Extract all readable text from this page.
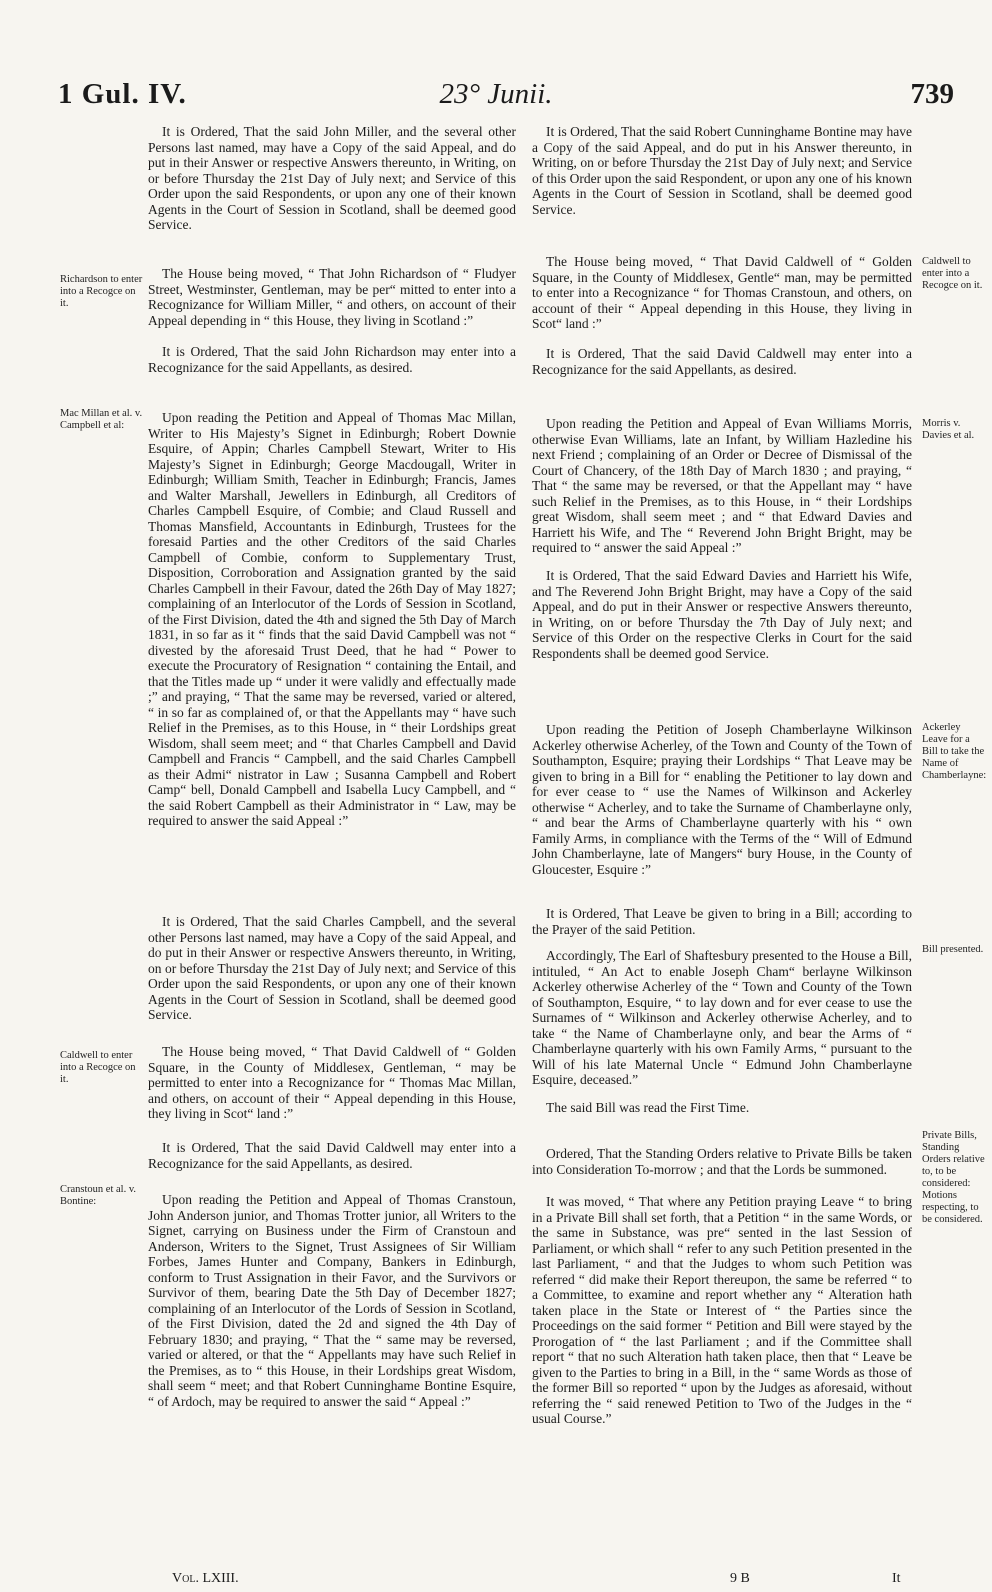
1 Gul. IV.	23° Junii.	739
Richardson to enter into a Recogce on it.
Mac Millan et al. v. Campbell et al:
Caldwell to enter into a Recogce on it.
Cranstoun et al. v. Bontine:
Caldwell to enter into a Recogce on it.
Morris v. Davies et al.
Ackerley Leave for a Bill to take the Name of Chamberlayne:
Bill presented.
Private Bills, Standing Orders relative to, to be considered: Motions respecting, to be considered.

It is Ordered, That the said John Miller, and the several other Persons last named, may have a Copy of the said Appeal, and do put in their Answer or respective Answers thereunto, in Writing, on or before Thursday the 21st Day of July next; and Service of this Order upon the said Respondents, or upon any one of their known Agents in the Court of Session in Scotland, shall be deemed good Service.

The House being moved, “ That John Richardson of “ Fludyer Street, Westminster, Gentleman, may be per“ mitted to enter into a Recognizance for William Miller, “ and others, on account of their Appeal depending in “ this House, they living in Scotland :”

It is Ordered, That the said John Richardson may enter into a Recognizance for the said Appellants, as desired.

Upon reading the Petition and Appeal of Thomas Mac Millan, Writer to His Majesty’s Signet in Edinburgh; Robert Downie Esquire, of Appin; Charles Campbell Stewart, Writer to His Majesty’s Signet in Edinburgh; George Macdougall, Writer in Edinburgh; William Smith, Teacher in Edinburgh; Francis, James and Walter Marshall, Jewellers in Edinburgh, all Creditors of Charles Campbell Esquire, of Combie; and Claud Russell and Thomas Mansfield, Accountants in Edinburgh, Trustees for the foresaid Parties and the other Creditors of the said Charles Campbell of Combie, conform to Supplementary Trust, Disposition, Corroboration and Assignation granted by the said Charles Campbell in their Favour, dated the 26th Day of May 1827; complaining of an Interlocutor of the Lords of Session in Scotland, of the First Division, dated the 4th and signed the 5th Day of March 1831, in so far as it “ finds that the said David Campbell was not “ divested by the aforesaid Trust Deed, that he had “ Power to execute the Procuratory of Resignation “ containing the Entail, and that the Titles made up “ under it were validly and effectually made ;” and praying, “ That the same may be reversed, varied or altered, “ in so far as complained of, or that the Appellants may “ have such Relief in the Premises, as to this House, in “ their Lordships great Wisdom, shall seem meet; and “ that Charles Campbell and David Campbell and Francis “ Campbell, and the said Charles Campbell as their Admi“ nistrator in Law ; Susanna Campbell and Robert Camp“ bell, Donald Campbell and Isabella Lucy Campbell, and “ the said Robert Campbell as their Administrator in “ Law, may be required to answer the said Appeal :”

It is Ordered, That the said Charles Campbell, and the several other Persons last named, may have a Copy of the said Appeal, and do put in their Answer or respective Answers thereunto, in Writing, on or before Thursday the 21st Day of July next; and Service of this Order upon the said Respondents, or upon any one of their known Agents in the Court of Session in Scotland, shall be deemed good Service.

The House being moved, “ That David Caldwell of “ Golden Square, in the County of Middlesex, Gentleman, “ may be permitted to enter into a Recognizance for “ Thomas Mac Millan, and others, on account of their “ Appeal depending in this House, they living in Scot“ land :”

It is Ordered, That the said David Caldwell may enter into a Recognizance for the said Appellants, as desired.

Upon reading the Petition and Appeal of Thomas Cranstoun, John Anderson junior, and Thomas Trotter junior, all Writers to the Signet, carrying on Business under the Firm of Cranstoun and Anderson, Writers to the Signet, Trust Assignees of Sir William Forbes, James Hunter and Company, Bankers in Edinburgh, conform to Trust Assignation in their Favor, and the Survivors or Survivor of them, bearing Date the 5th Day of December 1827; complaining of an Interlocutor of the Lords of Session in Scotland, of the First Division, dated the 2d and signed the 4th Day of February 1830; and praying, “ That the “ same may be reversed, varied or altered, or that the “ Appellants may have such Relief in the Premises, as to “ this House, in their Lordships great Wisdom, shall seem “ meet; and that Robert Cunninghame Bontine Esquire, “ of Ardoch, may be required to answer the said “ Appeal :”

It is Ordered, That the said Robert Cunninghame Bontine may have a Copy of the said Appeal, and do put in his Answer thereunto, in Writing, on or before Thursday the 21st Day of July next; and Service of this Order upon the said Respondent, or upon any one of his known Agents in the Court of Session in Scotland, shall be deemed good Service.

The House being moved, “ That David Caldwell of “ Golden Square, in the County of Middlesex, Gentle“ man, may be permitted to enter into a Recognizance “ for Thomas Cranstoun, and others, on account of their “ Appeal depending in this House, they living in Scot“ land :”

It is Ordered, That the said David Caldwell may enter into a Recognizance for the said Appellants, as desired.

Upon reading the Petition and Appeal of Evan Williams Morris, otherwise Evan Williams, late an Infant, by William Hazledine his next Friend ; complaining of an Order or Decree of Dismissal of the Court of Chancery, of the 18th Day of March 1830 ; and praying, “ That “ the same may be reversed, or that the Appellant may “ have such Relief in the Premises, as to this House, in “ their Lordships great Wisdom, shall seem meet ; and “ that Edward Davies and Harriett his Wife, and The “ Reverend John Bright Bright, may be required to “ answer the said Appeal :”

It is Ordered, That the said Edward Davies and Harriett his Wife, and The Reverend John Bright Bright, may have a Copy of the said Appeal, and do put in their Answer or respective Answers thereunto, in Writing, on or before Thursday the 7th Day of July next; and Service of this Order on the respective Clerks in Court for the said Respondents shall be deemed good Service.

Upon reading the Petition of Joseph Chamberlayne Wilkinson Ackerley otherwise Acherley, of the Town and County of the Town of Southampton, Esquire; praying their Lordships “ That Leave may be given to bring in a Bill for “ enabling the Petitioner to lay down and for ever cease to “ use the Names of Wilkinson and Ackerley otherwise “ Acherley, and to take the Surname of Chamberlayne only, “ and bear the Arms of Chamberlayne quarterly with his “ own Family Arms, in compliance with the Terms of the “ Will of Edmund John Chamberlayne, late of Mangers“ bury House, in the County of Gloucester, Esquire :”

It is Ordered, That Leave be given to bring in a Bill; according to the Prayer of the said Petition.

Accordingly, The Earl of Shaftesbury presented to the House a Bill, intituled, “ An Act to enable Joseph Cham“ berlayne Wilkinson Ackerley otherwise Acherley of the “ Town and County of the Town of Southampton, Esquire, “ to lay down and for ever cease to use the Surnames of “ Wilkinson and Ackerley otherwise Acherley, and to take “ the Name of Chamberlayne only, and bear the Arms of “ Chamberlayne quarterly with his own Family Arms, “ pursuant to the Will of his late Maternal Uncle “ Edmund John Chamberlayne Esquire, deceased.”

The said Bill was read the First Time.

Ordered, That the Standing Orders relative to Private Bills be taken into Consideration To-morrow ; and that the Lords be summoned.

It was moved, “ That where any Petition praying Leave “ to bring in a Private Bill shall set forth, that a Petition “ in the same Words, or the same in Substance, was pre“ sented in the last Session of Parliament, or which shall “ refer to any such Petition presented in the last Parliament, “ and that the Judges to whom such Petition was referred “ did make their Report thereupon, the same be referred “ to a Committee, to examine and report whether any “ Alteration hath taken place in the State or Interest of “ the Parties since the Proceedings on the said former “ Petition and Bill were stayed by the Prorogation of “ the last Parliament ; and if the Committee shall report “ that no such Alteration hath taken place, then that “ Leave be given to the Parties to bring in a Bill, in the “ same Words as those of the former Bill so reported “ upon by the Judges as aforesaid, without referring the “ said renewed Petition to Two of the Judges in the “ usual Course.”

Vol. LXIII.	9 B	It
